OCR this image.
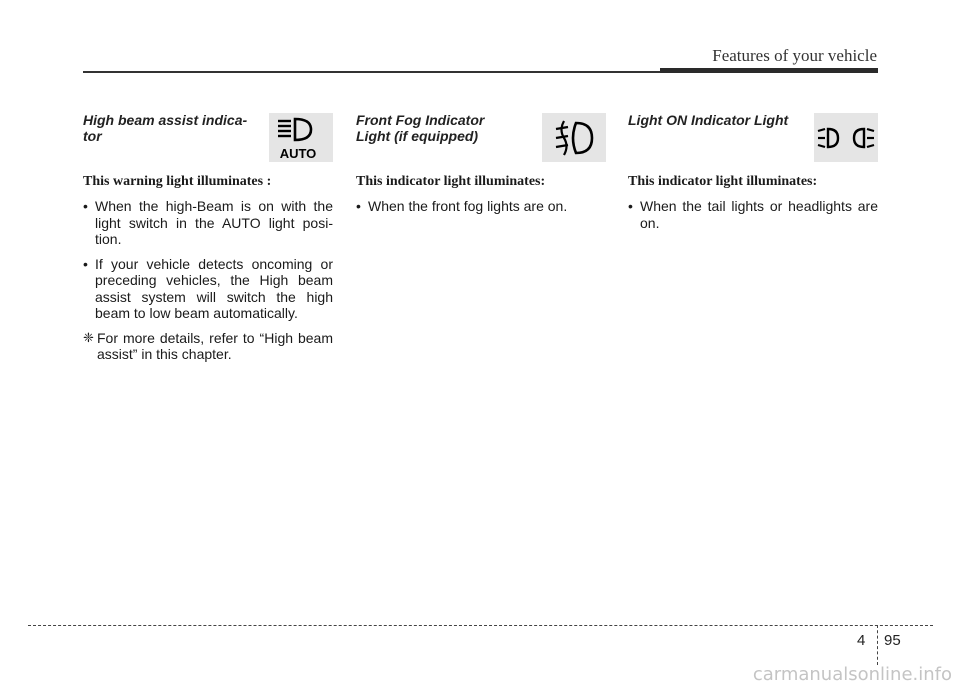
Features of your vehicle
High beam assist indica-
tor
AUTO
This warning light illuminates :
• When the high-Beam is on with the light switch in the AUTO light posi-tion.
• If your vehicle detects oncoming or preceding vehicles, the High beam assist system will switch the high beam to low beam automatically.
❈ For more details, refer to “High beam assist” in this chapter.
Front Fog Indicator
Light (if equipped)
This indicator light illuminates:
• When the front fog lights are on.
Light ON Indicator Light
This indicator light illuminates:
• When the tail lights or headlights are on.
4 95
carmanualsonline.info
